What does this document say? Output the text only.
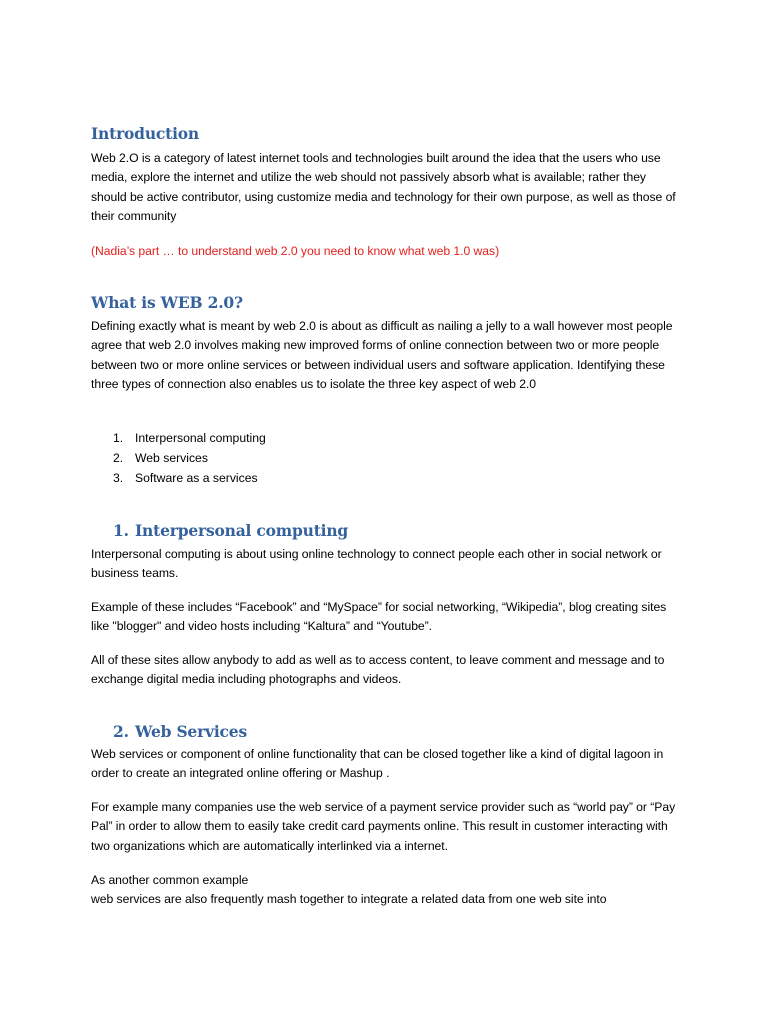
Introduction

Web 2.O is a category of latest internet tools and technologies built around the idea that the users who use media, explore the internet and utilize the web should not passively absorb what is available; rather they should be active contributor, using customize media and technology for their own purpose, as well as those of their community

(Nadia’s part … to understand web 2.0 you need to know what web 1.0 was)

What is WEB 2.0?

Defining exactly what is meant by web 2.0 is about as difficult as nailing a jelly to a wall however most people agree that web 2.0 involves making new improved forms of online connection between two or more people between two or more online services or between individual users and software application. Identifying these three types of connection also enables us to isolate the three key aspect of web 2.0

1. Interpersonal computing
2. Web services
3. Software as a services
1. Interpersonal computing

Interpersonal computing is about using online technology to connect people each other in social network or business teams.

Example of these includes “Facebook” and “MySpace” for social networking, “Wikipedia”, blog creating sites like "blogger" and video hosts including “Kaltura” and “Youtube”.

All of these sites allow anybody to add as well as to access content, to leave comment and message and to exchange digital media including photographs and videos.

2. Web Services

Web services or component of online functionality that can be closed together like a kind of digital lagoon in order to create an integrated online offering or Mashup .

For example many companies use the web service of a payment service provider such as “world pay” or “Pay Pal” in order to allow them to easily take credit card payments online. This result in customer interacting with two organizations which are automatically interlinked via a internet.

As another common example

web services are also frequently mash together to integrate a related data from one web site into
